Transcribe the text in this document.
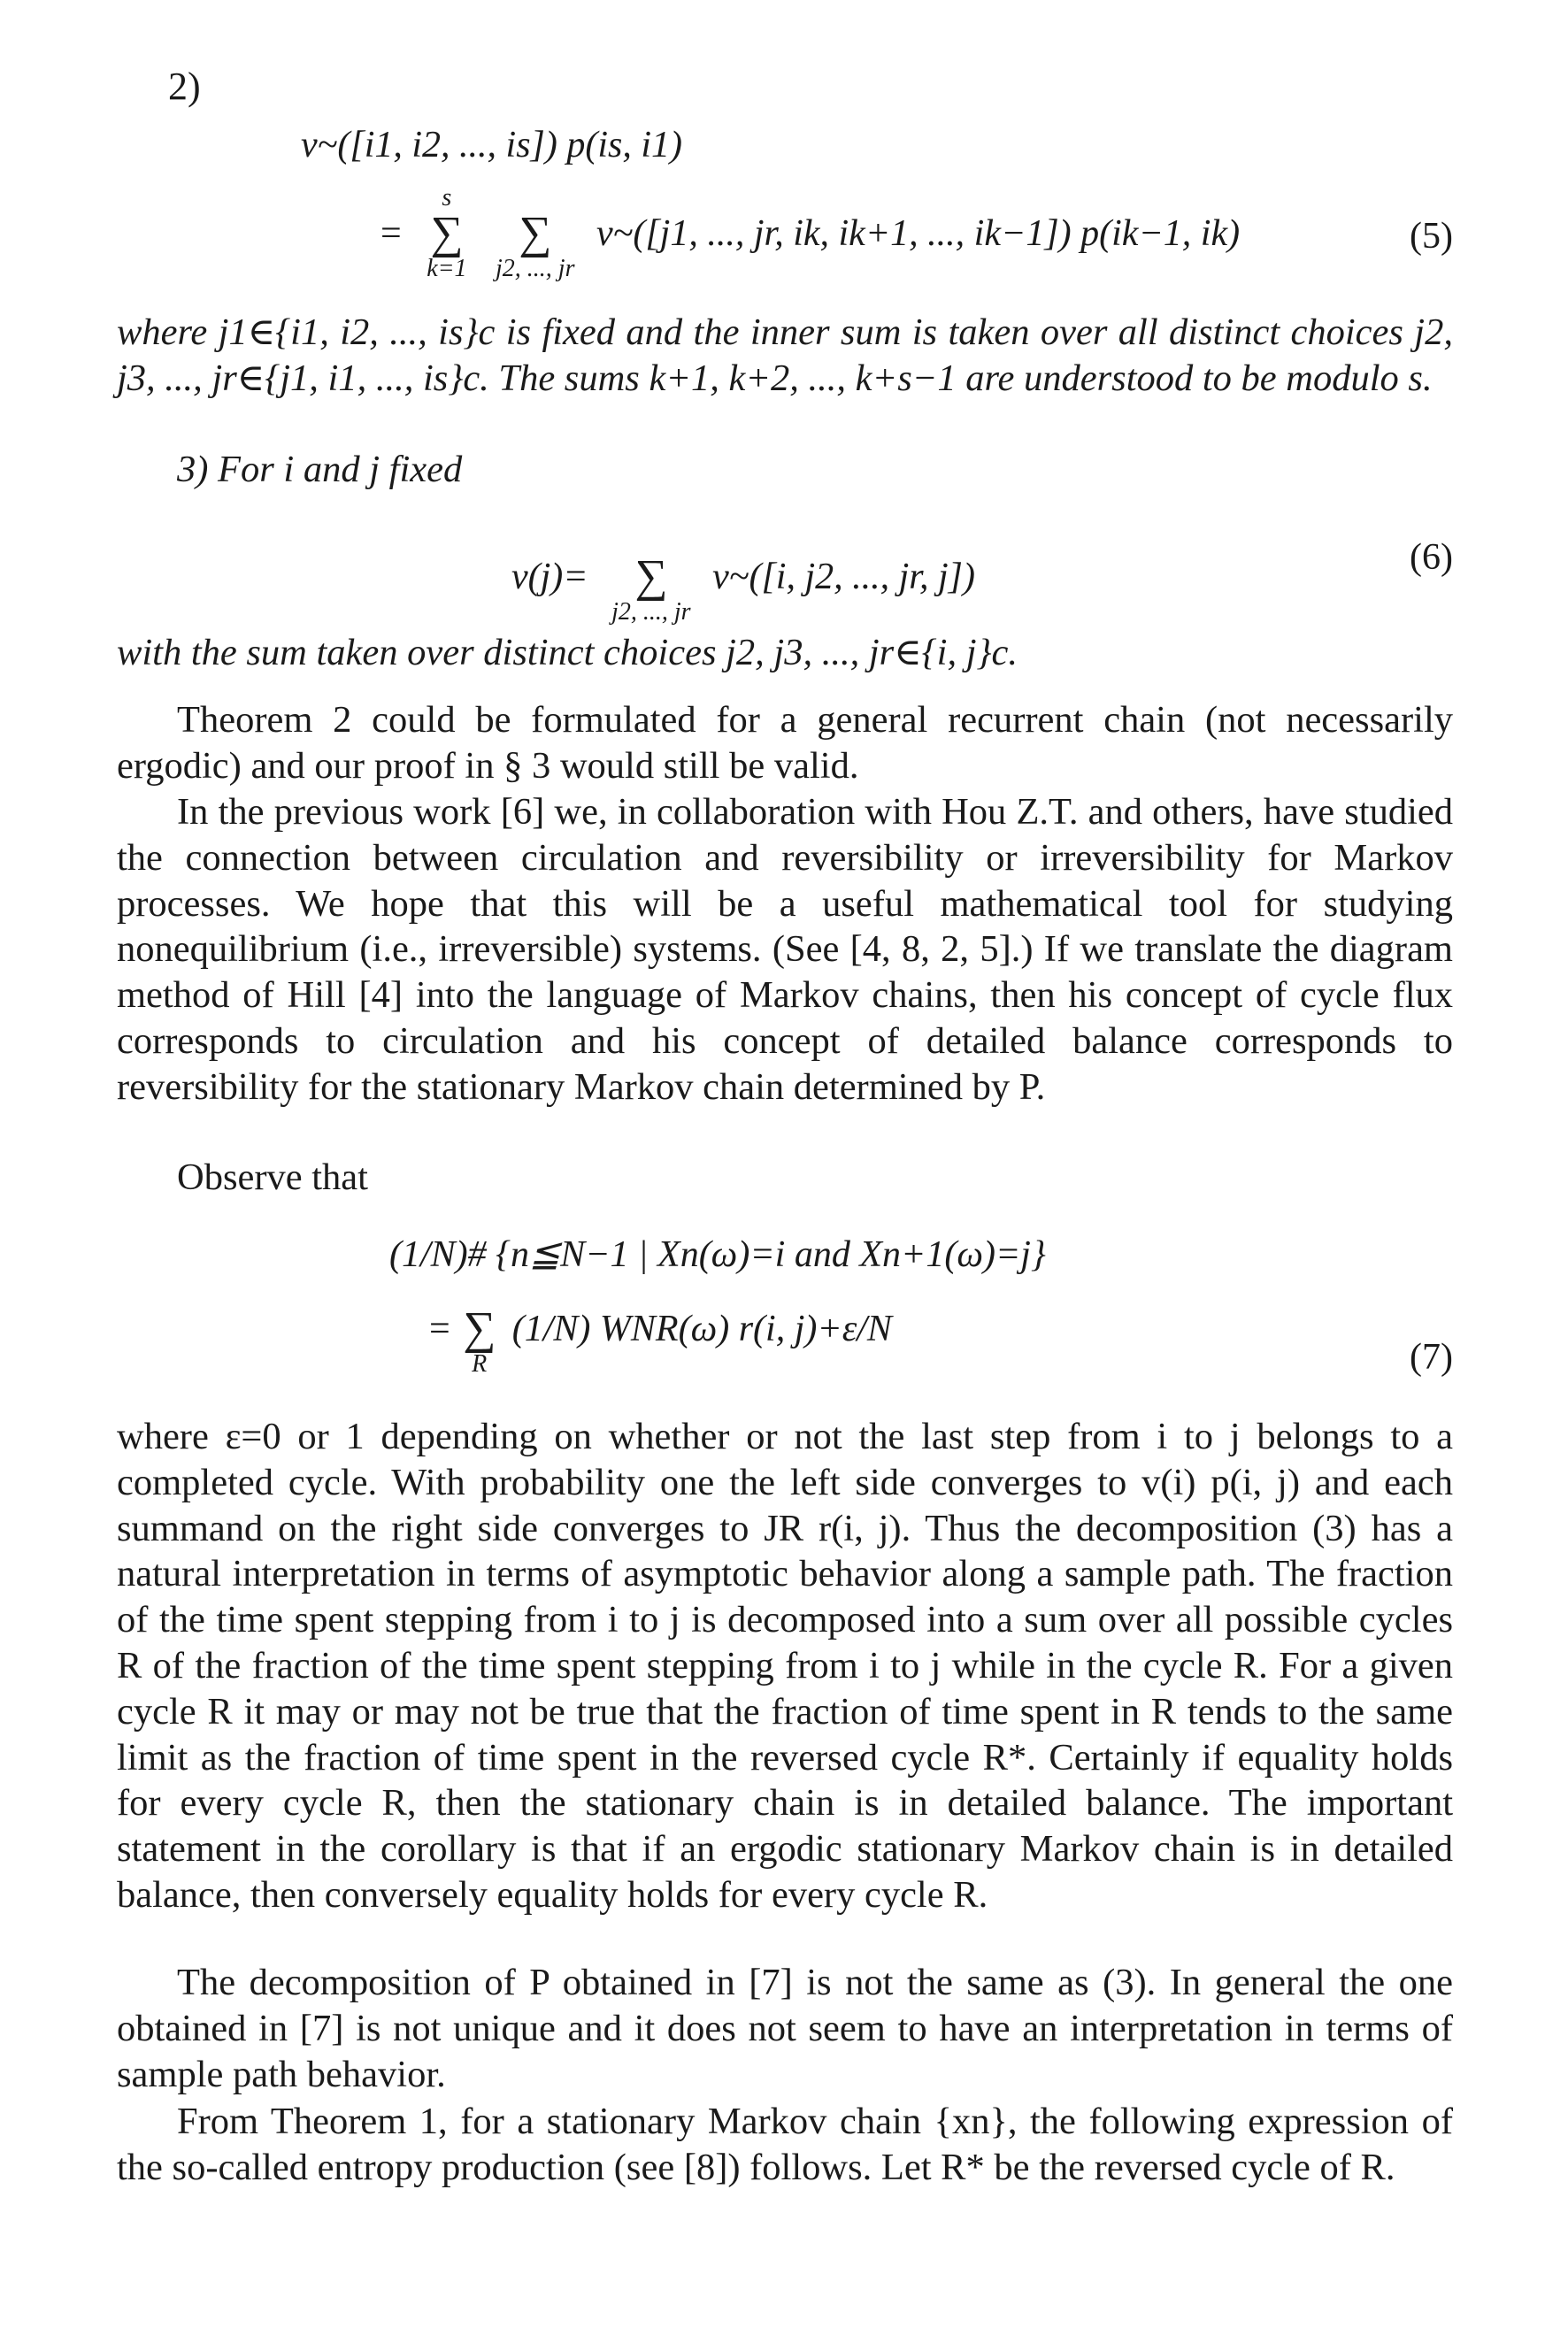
2)
v~([i1, i2, ..., is]) p(is, i1)
=
s
∑
k=1

∑
j2, ..., jr
v~([j1, ..., jr, ik, ik+1, ..., ik−1]) p(ik−1, ik)	(5)
where j1∈{i1, i2, ..., is}c is fixed and the inner sum is taken over all distinct choices j2, j3, ..., jr∈{j1, i1, ..., is}c. The sums k+1, k+2, ..., k+s−1 are understood to be modulo s.
3) For i and j fixed
v(j)=
	∑
j2, ..., jr
v~([i, j2, ..., jr, j])	(6)
with the sum taken over distinct choices j2, j3, ..., jr∈{i, j}c.
Theorem 2 could be formulated for a general recurrent chain (not necessarily ergodic) and our proof in § 3 would still be valid.
In the previous work [6] we, in collaboration with Hou Z.T. and others, have studied the connection between circulation and reversibility or irreversibility for Markov processes. We hope that this will be a useful mathematical tool for studying nonequilibrium (i.e., irreversible) systems. (See [4, 8, 2, 5].) If we translate the diagram method of Hill [4] into the language of Markov chains, then his concept of cycle flux corresponds to circulation and his concept of detailed balance corresponds to reversibility for the stationary Markov chain determined by P.
Observe that
(1/N)# {n≦N−1 | Xn(ω)=i and Xn+1(ω)=j}
=
∑
R
(1/N) WNR(ω) r(i, j)+ε/N
(7)
where ε=0 or 1 depending on whether or not the last step from i to j belongs to a completed cycle. With probability one the left side converges to v(i) p(i, j) and each summand on the right side converges to JR r(i, j). Thus the decomposition (3) has a natural interpretation in terms of asymptotic behavior along a sample path. The fraction of the time spent stepping from i to j is decomposed into a sum over all possible cycles R of the fraction of the time spent stepping from i to j while in the cycle R. For a given cycle R it may or may not be true that the fraction of time spent in R tends to the same limit as the fraction of time spent in the reversed cycle R*. Certainly if equality holds for every cycle R, then the stationary chain is in detailed balance. The important statement in the corollary is that if an ergodic stationary Markov chain is in detailed balance, then conversely equality holds for every cycle R.
The decomposition of P obtained in [7] is not the same as (3). In general the one obtained in [7] is not unique and it does not seem to have an interpretation in terms of sample path behavior.
From Theorem 1, for a stationary Markov chain {xn}, the following expression of the so-called entropy production (see [8]) follows. Let R* be the reversed cycle of R.
